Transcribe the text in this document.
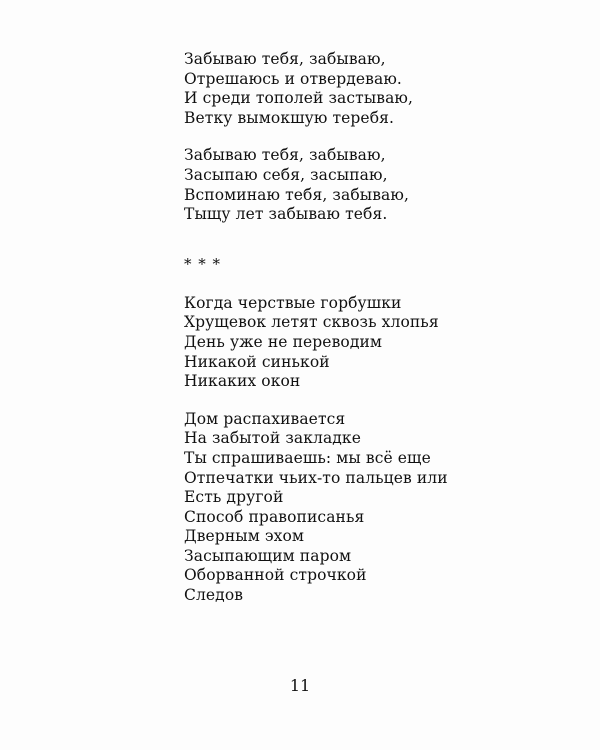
Забываю тебя, забываю,
Отрешаюсь и отвердеваю.
И среди тополей застываю,
Ветку вымокшую теребя.
Забываю тебя, забываю,
Засыпаю себя, засыпаю,
Вспоминаю тебя, забываю,
Тыщу лет забываю тебя.
* * *
Когда черствые горбушки
Хрущевок летят сквозь хлопья
День уже не переводим
Никакой синькой
Никаких окон
Дом распахивается
На забытой закладке
Ты спрашиваешь: мы всё еще
Отпечатки чьих-то пальцев или
Есть другой
Способ правописанья
Дверным эхом
Засыпающим паром
Оборванной строчкой
Следов
11
